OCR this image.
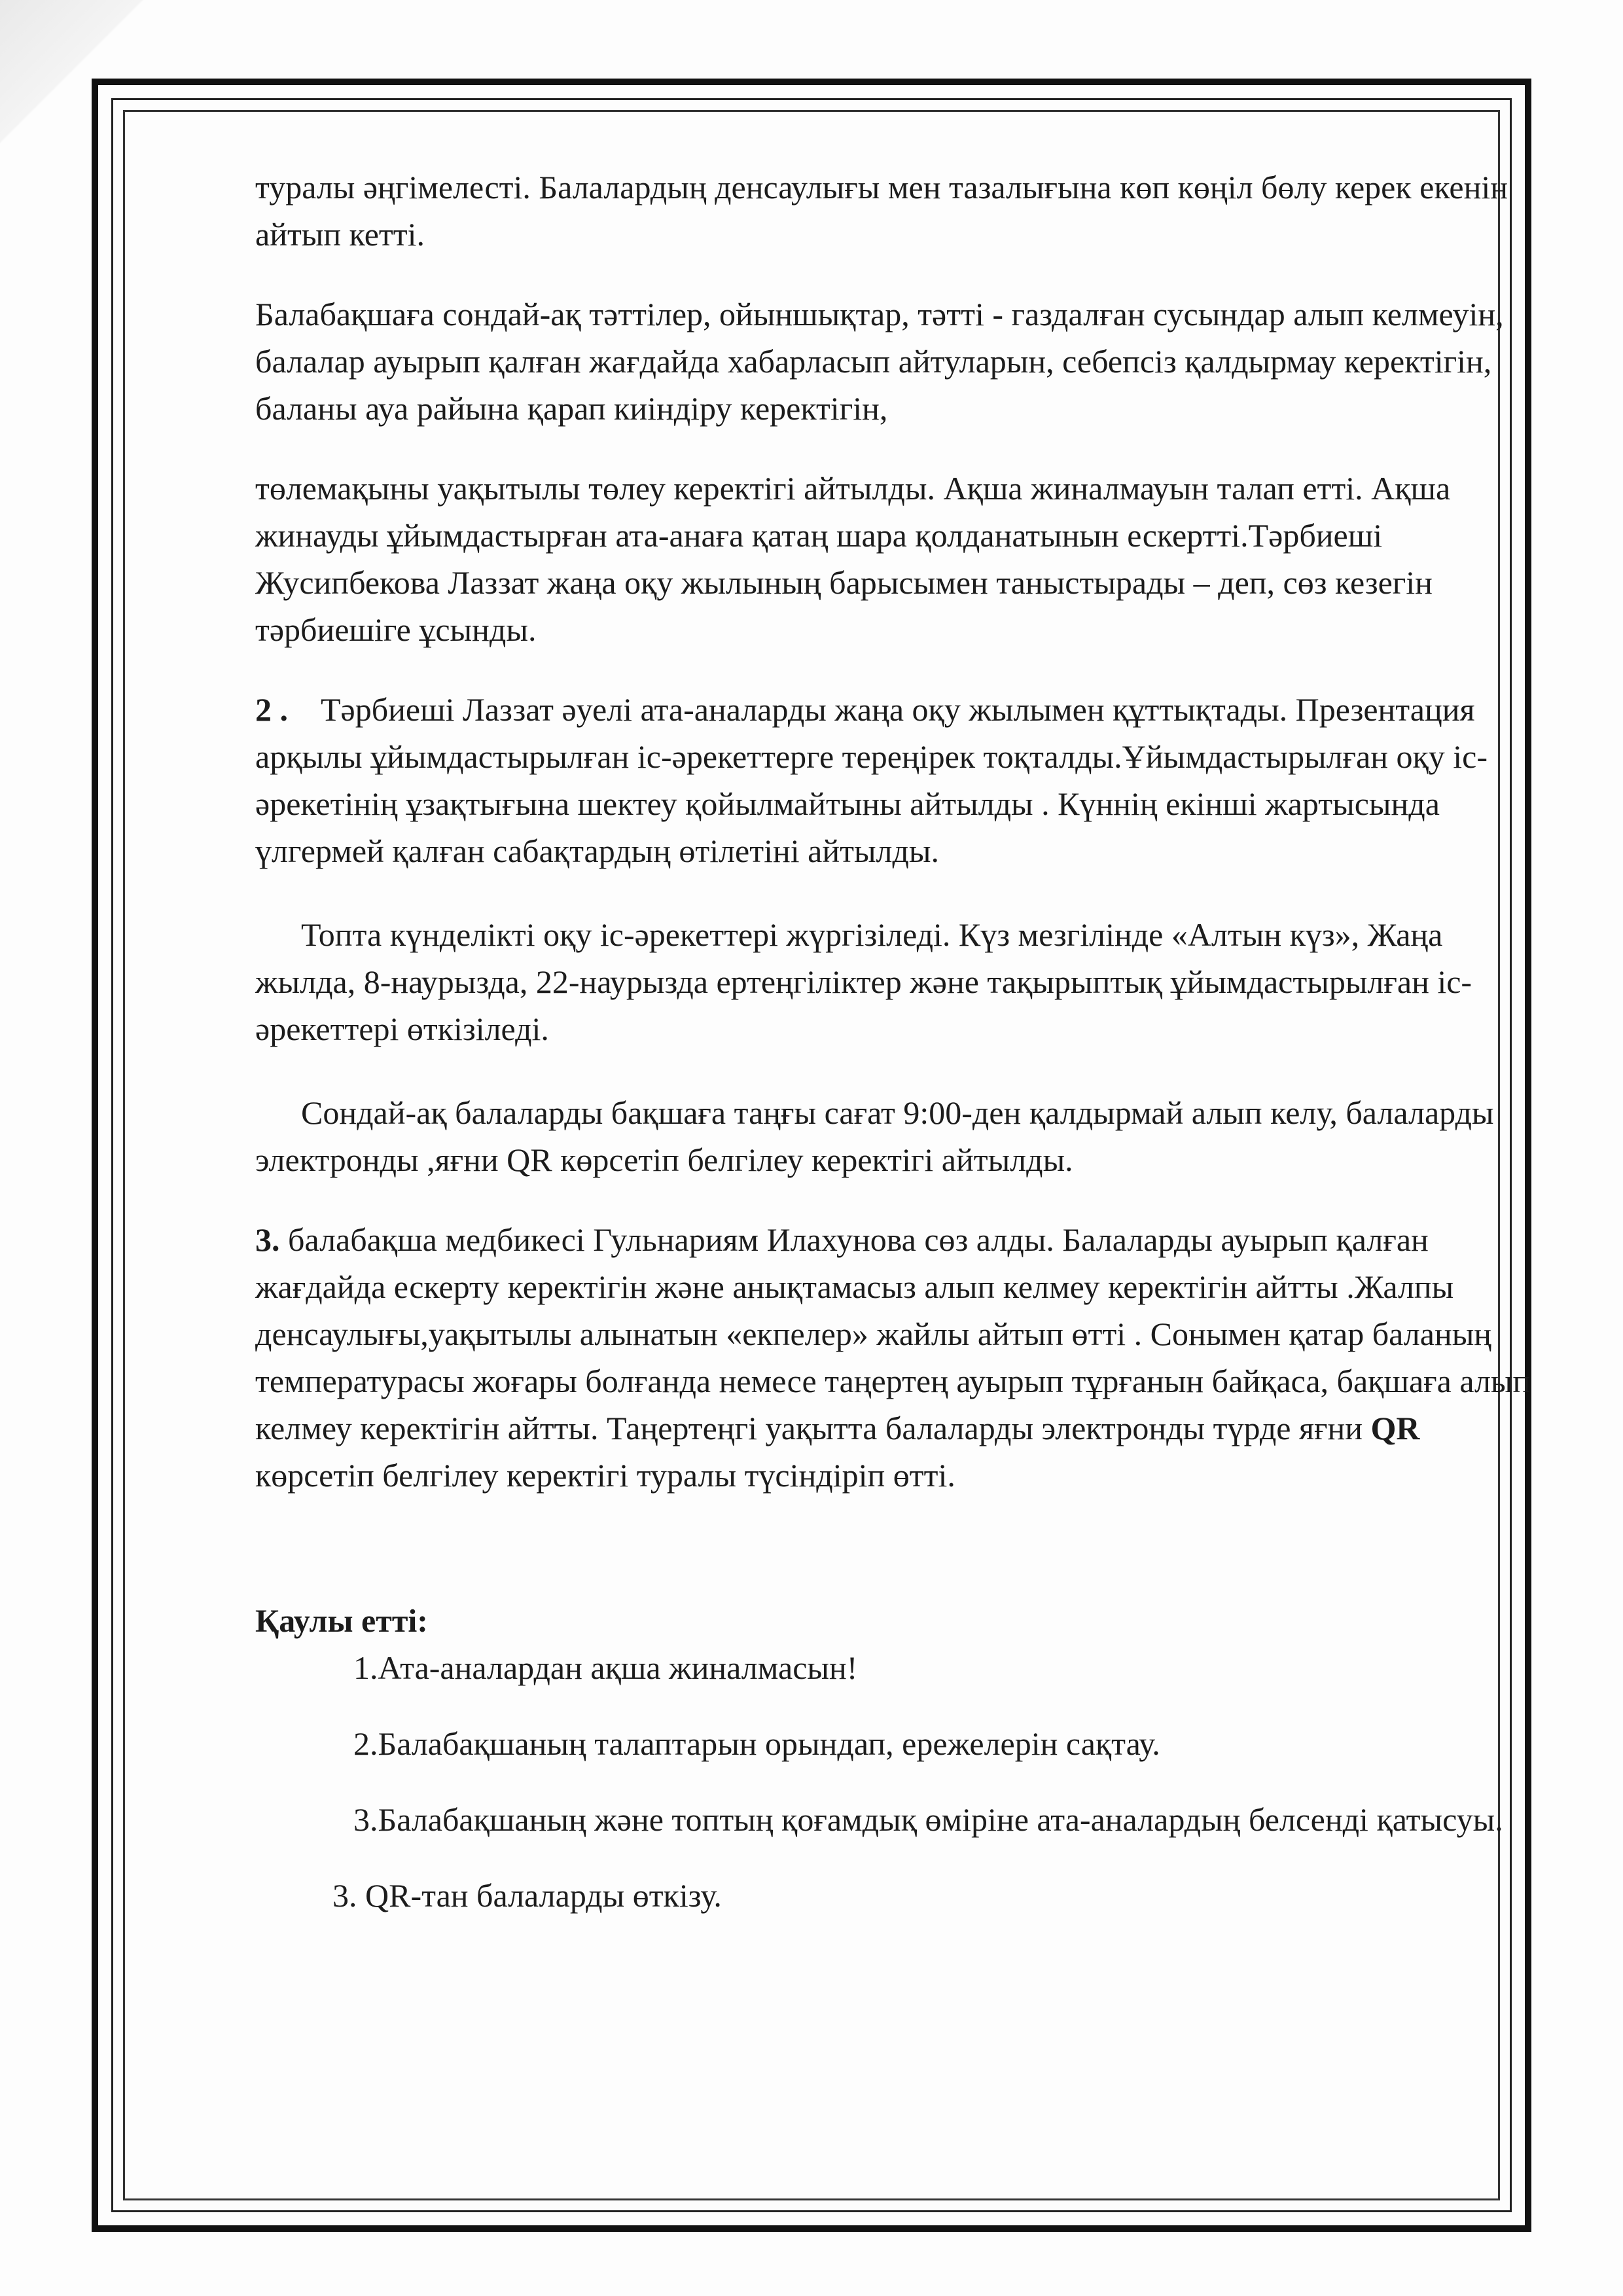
туралы әңгімелесті. Балалардың денсаулығы мен тазалығына көп көңіл бөлу керек екенін айтып кетті.

Балабақшаға сондай-ақ тәттілер, ойыншықтар, тәтті - газдалған сусындар алып келмеуін, балалар ауырып қалған жағдайда хабарласып айтуларын, себепсіз қалдырмау керектігін, баланы ауа райына қарап киіндіру керектігін,

төлемақыны уақытылы төлеу керектігі айтылды. Ақша жиналмауын талап етті. Ақша жинауды ұйымдастырған ата-анаға қатаң шара қолданатынын ескертті.Тәрбиеші Жусипбекова Лаззат жаңа оқу жылының барысымен таныстырады – деп, сөз кезегін тәрбиешіге ұсынды.

2 . Тәрбиеші Лаззат әуелі ата-аналарды жаңа оқу жылымен құттықтады. Презентация арқылы ұйымдастырылған іс-әрекеттерге тереңірек тоқталды.Ұйымдастырылған оқу іс-әрекетінің ұзақтығына шектеу қойылмайтыны айтылды . Күннің екінші жартысында үлгермей қалған сабақтардың өтілетіні айтылды.

Топта күнделікті оқу іс-әрекеттері жүргізіледі. Күз мезгілінде «Алтын күз», Жаңа жылда, 8-наурызда, 22-наурызда ертеңгіліктер және тақырыптық ұйымдастырылған іс-әрекеттері өткізіледі.

Сондай-ақ балаларды бақшаға таңғы сағат 9:00-ден қалдырмай алып келу, балаларды электронды ,яғни QR көрсетіп белгілеу керектігі айтылды.

3. балабақша медбикесі Гульнариям Илахунова сөз алды. Балаларды ауырып қалған жағдайда ескерту керектігін және анықтамасыз алып келмеу керектігін айтты .Жалпы денсаулығы,уақытылы алынатын «екпелер» жайлы айтып өтті . Сонымен қатар баланың температурасы жоғары болғанда немесе таңертең ауырып тұрғанын байқаса, бақшаға алып келмеу керектігін айтты. Таңертеңгі уақытта балаларды электронды түрде яғни QR көрсетіп белгілеу керектігі туралы түсіндіріп өтті.

Қаулы етті:

1.Ата-аналардан ақша жиналмасын!

2.Балабақшаның талаптарын орындап, ережелерін сақтау.

3.Балабақшаның және топтың қоғамдық өміріне ата-аналардың белсенді қатысуы.

3. QR-тан балаларды өткізу.
